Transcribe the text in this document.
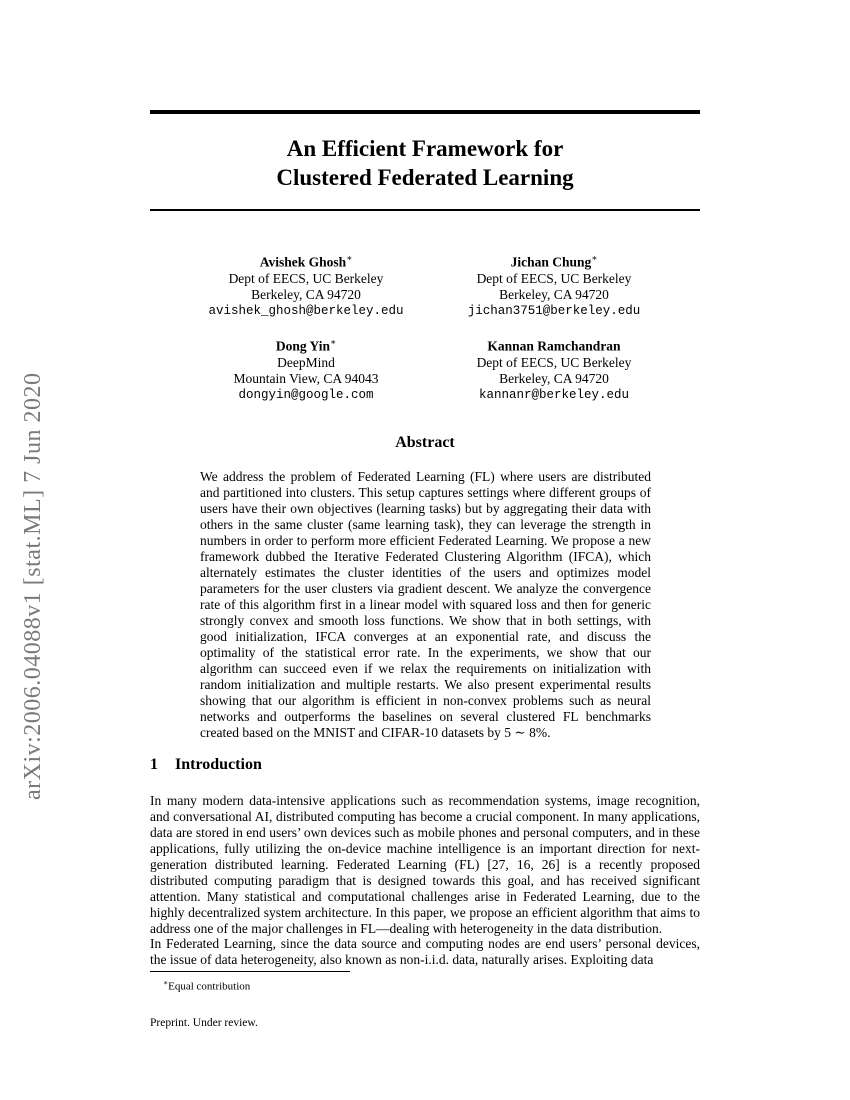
arXiv:2006.04088v1 [stat.ML] 7 Jun 2020
An Efficient Framework for
Clustered Federated Learning
Avishek Ghosh∗
Dept of EECS, UC Berkeley
Berkeley, CA 94720
avishek_ghosh@berkeley.edu
Jichan Chung∗
Dept of EECS, UC Berkeley
Berkeley, CA 94720
jichan3751@berkeley.edu
Dong Yin∗
DeepMind
Mountain View, CA 94043
dongyin@google.com
Kannan Ramchandran
Dept of EECS, UC Berkeley
Berkeley, CA 94720
kannanr@berkeley.edu
Abstract
We address the problem of Federated Learning (FL) where users are distributed and partitioned into clusters. This setup captures settings where different groups of users have their own objectives (learning tasks) but by aggregating their data with others in the same cluster (same learning task), they can leverage the strength in numbers in order to perform more efficient Federated Learning. We propose a new framework dubbed the Iterative Federated Clustering Algorithm (IFCA), which alternately estimates the cluster identities of the users and optimizes model parameters for the user clusters via gradient descent. We analyze the convergence rate of this algorithm first in a linear model with squared loss and then for generic strongly convex and smooth loss functions. We show that in both settings, with good initialization, IFCA converges at an exponential rate, and discuss the optimality of the statistical error rate. In the experiments, we show that our algorithm can succeed even if we relax the requirements on initialization with random initialization and multiple restarts. We also present experimental results showing that our algorithm is efficient in non-convex problems such as neural networks and outperforms the baselines on several clustered FL benchmarks created based on the MNIST and CIFAR-10 datasets by 5 ∼ 8%.
1 Introduction
In many modern data-intensive applications such as recommendation systems, image recognition, and conversational AI, distributed computing has become a crucial component. In many applications, data are stored in end users’ own devices such as mobile phones and personal computers, and in these applications, fully utilizing the on-device machine intelligence is an important direction for next-generation distributed learning. Federated Learning (FL) [27, 16, 26] is a recently proposed distributed computing paradigm that is designed towards this goal, and has received significant attention. Many statistical and computational challenges arise in Federated Learning, due to the highly decentralized system architecture. In this paper, we propose an efficient algorithm that aims to address one of the major challenges in FL—dealing with heterogeneity in the data distribution.
In Federated Learning, since the data source and computing nodes are end users’ personal devices, the issue of data heterogeneity, also known as non-i.i.d. data, naturally arises. Exploiting data
∗Equal contribution
Preprint. Under review.
